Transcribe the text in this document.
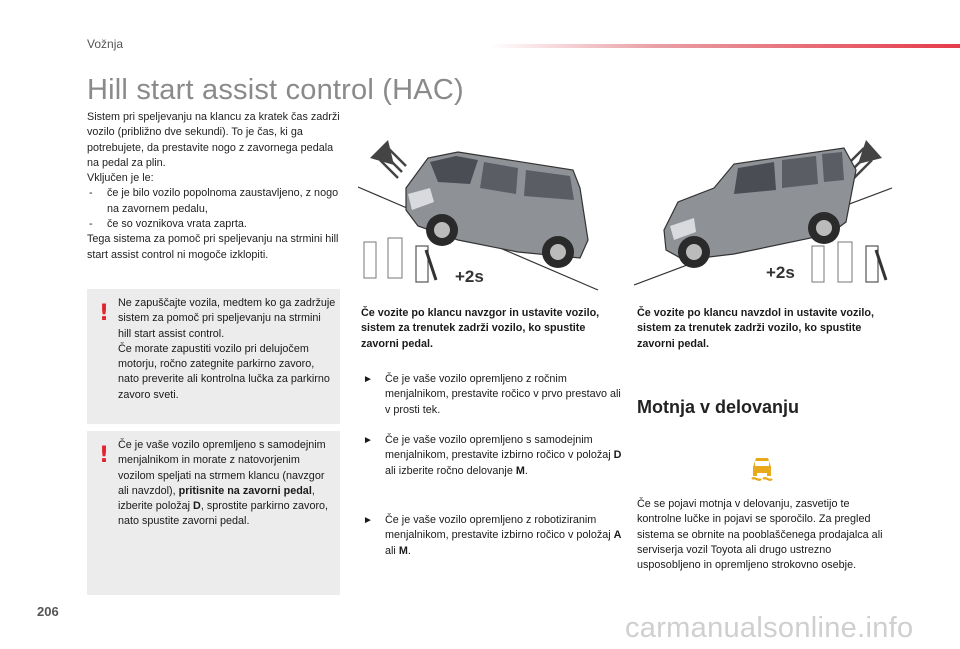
Vožnja
Hill start assist control (HAC)

Sistem pri speljevanju na klancu za kratek čas zadrži vozilo (približno dve sekundi). To je čas, ki ga potrebujete, da prestavite nogo z zavornega pedala na pedal za plin.

Vključen je le:

- če je bilo vozilo popolnoma zaustavljeno, z nogo na zavornem pedalu,

- če so voznikova vrata zaprta.

Tega sistema za pomoč pri speljevanju na strmini hill start assist control ni mogoče izklopiti.

! Ne zapuščajte vozila, medtem ko ga zadržuje sistem za pomoč pri speljevanju na strmini hill start assist control.

Če morate zapustiti vozilo pri delujočem motorju, ročno zategnite parkirno zavoro, nato preverite ali kontrolna lučka za parkirno zavoro sveti.

! Če je vaše vozilo opremljeno s samodejnim menjalnikom in morate z natovorjenim vozilom speljati na strmem klancu (navzgor ali navzdol), pritisnite na zavorni pedal, izberite položaj D, sprostite parkirno zavoro, nato spustite zavorni pedal.

+2s	+2s
Če vozite po klancu navzgor in ustavite vozilo, sistem za trenutek zadrži vozilo, ko spustite zavorni pedal.
Če vozite po klancu navzdol in ustavite vozilo, sistem za trenutek zadrži vozilo, ko spustite zavorni pedal.
► Če je vaše vozilo opremljeno z ročnim menjalnikom, prestavite ročico v prvo prestavo ali v prosti tek.
► Če je vaše vozilo opremljeno s samodejnim menjalnikom, prestavite izbirno ročico v položaj D ali izberite ročno delovanje M.
► Če je vaše vozilo opremljeno z robotiziranim menjalnikom, prestavite izbirno ročico v položaj A ali M.
Motnja v delovanju

Če se pojavi motnja v delovanju, zasvetijo te kontrolne lučke in pojavi se sporočilo. Za pregled sistema se obrnite na pooblaščenega prodajalca ali serviserja vozil Toyota ali drugo ustrezno usposobljeno in opremljeno strokovno osebje.

206
carmanualsonline.info
